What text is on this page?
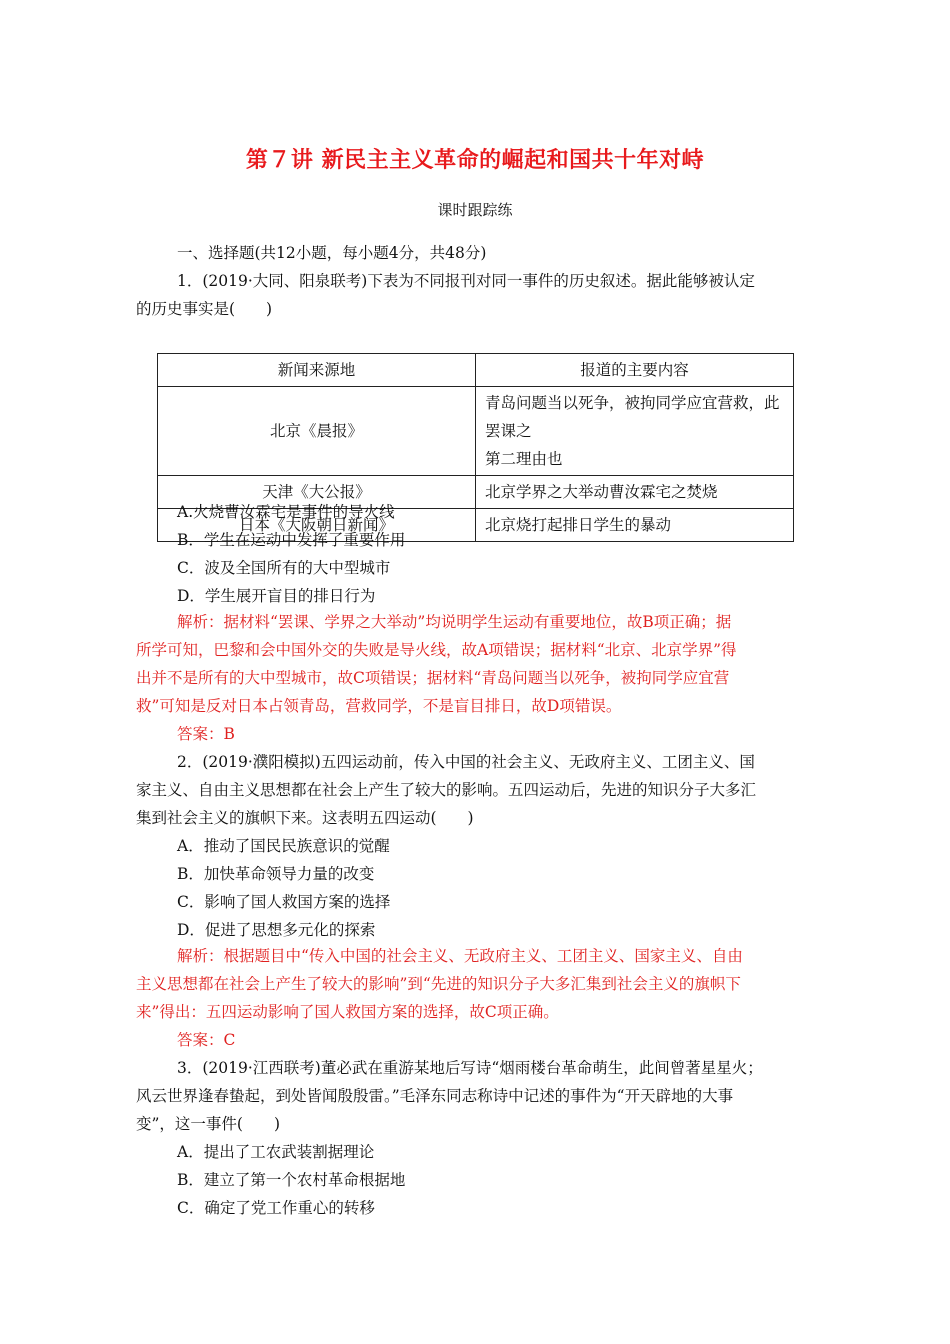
第７讲 新民主主义革命的崛起和国共十年对峙
课时跟踪练
一、选择题(共12小题，每小题4分，共48分)
1．(2019·大同、阳泉联考)下表为不同报刊对同一事件的历史叙述。据此能够被认定
的历史事实是(　　)
新闻来源地	报道的主要内容
北京《晨报》	青岛问题当以死争，被拘同学应宜营救，此罢课之
第二理由也

天津《大公报》	北京学界之大举动曹汝霖宅之焚烧
日本《大阪朝日新闻》	北京烧打起排日学生的暴动
A.火烧曹汝霖宅是事件的导火线
B．学生在运动中发挥了重要作用
C．波及全国所有的大中型城市
D．学生展开盲目的排日行为
解析：据材料“罢课、学界之大举动”均说明学生运动有重要地位，故B项正确；据
所学可知，巴黎和会中国外交的失败是导火线，故A项错误；据材料“北京、北京学界”得
出并不是所有的大中型城市，故C项错误；据材料“青岛问题当以死争，被拘同学应宜营
救”可知是反对日本占领青岛，营救同学，不是盲目排日，故D项错误。
答案：B
2．(2019·濮阳模拟)五四运动前，传入中国的社会主义、无政府主义、工团主义、国
家主义、自由主义思想都在社会上产生了较大的影响。五四运动后，先进的知识分子大多汇
集到社会主义的旗帜下来。这表明五四运动(　　)
A．推动了国民民族意识的觉醒
B．加快革命领导力量的改变
C．影响了国人救国方案的选择
D．促进了思想多元化的探索
解析：根据题目中“传入中国的社会主义、无政府主义、工团主义、国家主义、自由
主义思想都在社会上产生了较大的影响”到“先进的知识分子大多汇集到社会主义的旗帜下
来”得出：五四运动影响了国人救国方案的选择，故C项正确。
答案：C
3．(2019·江西联考)董必武在重游某地后写诗“烟雨楼台革命萌生，此间曾著星星火；
风云世界逢春蛰起，到处皆闻殷殷雷。”毛泽东同志称诗中记述的事件为“开天辟地的大事
变”，这一事件(　　)
A．提出了工农武装割据理论
B．建立了第一个农村革命根据地
C．确定了党工作重心的转移
